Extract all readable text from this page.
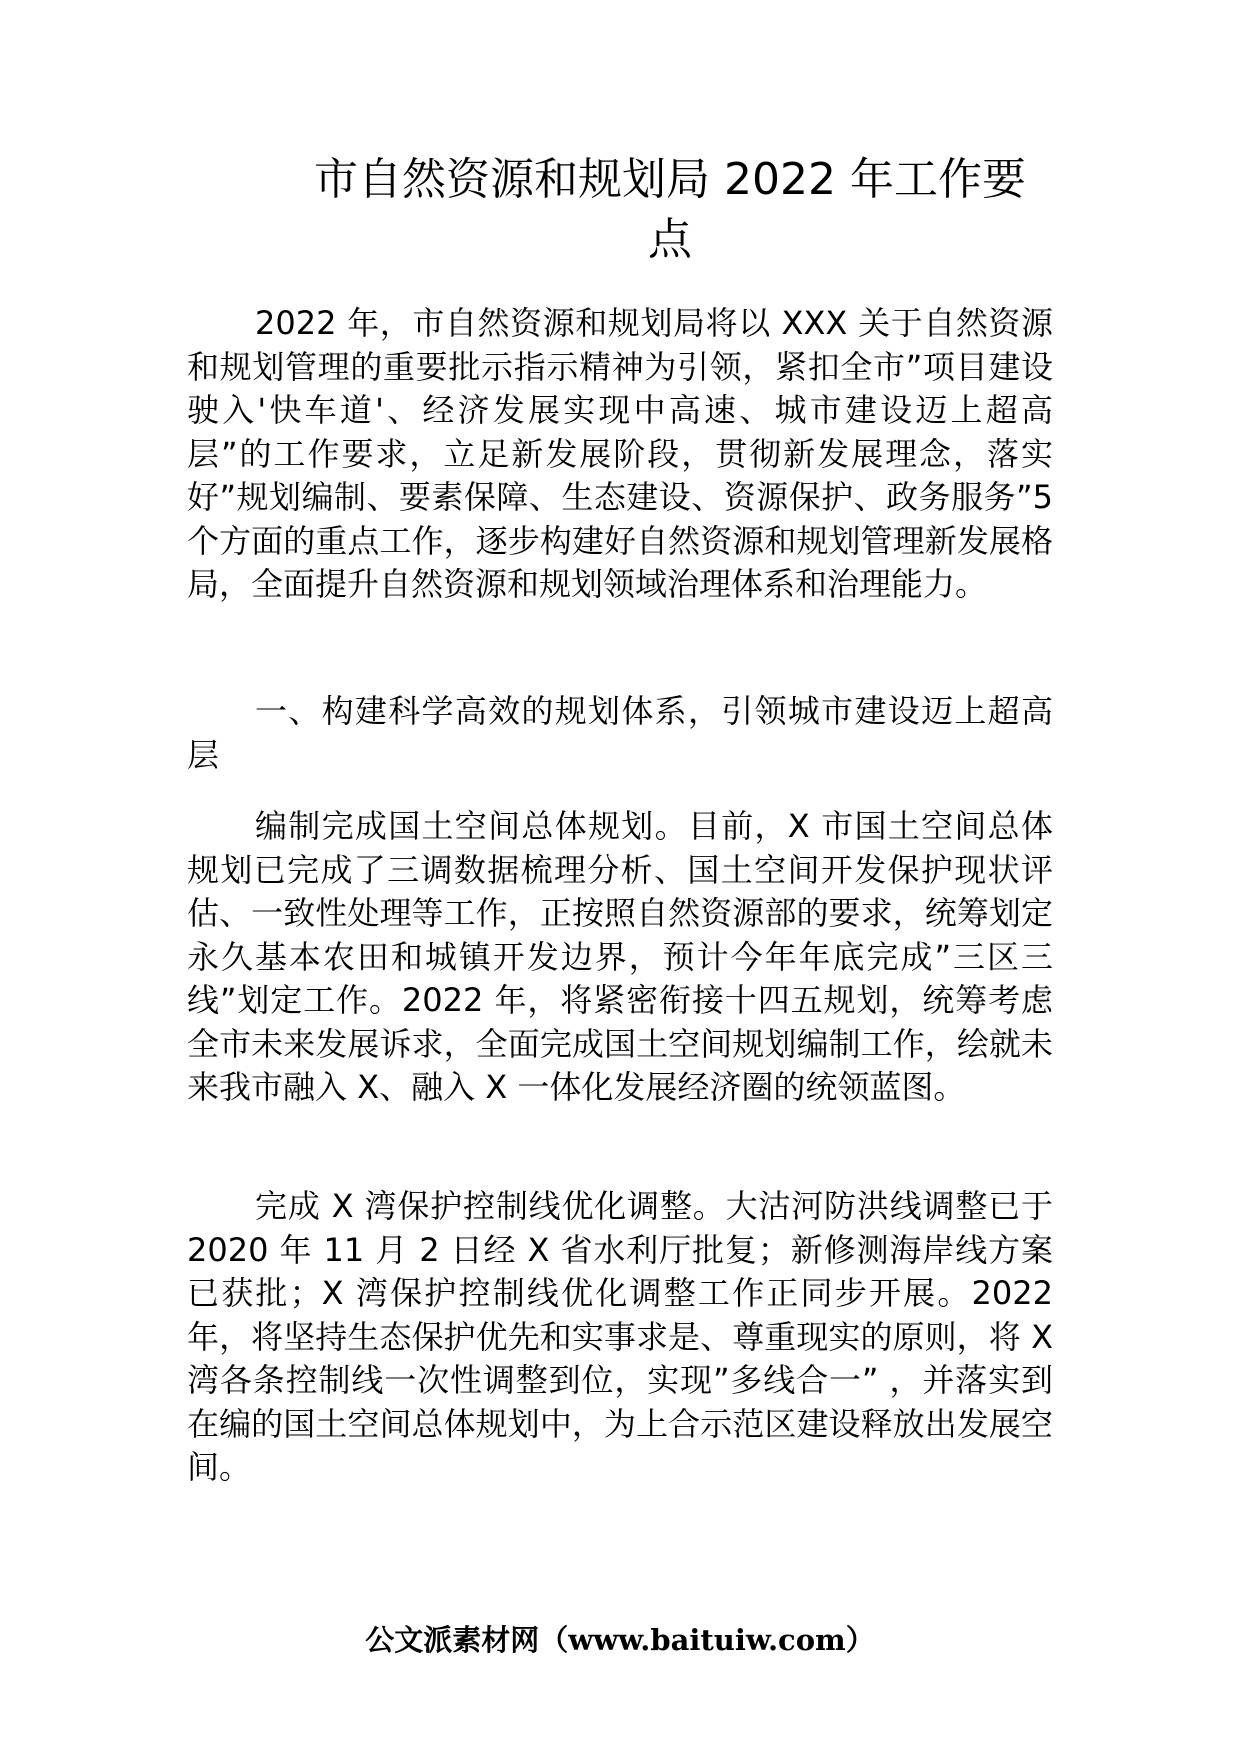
市自然资源和规划局 2022 年工作要点

2022 年，市自然资源和规划局将以 XXX 关于自然资源和规划管理的重要批示指示精神为引领，紧扣全市”项目建设驶入'快车道'、经济发展实现中高速、城市建设迈上超高层”的工作要求，立足新发展阶段，贯彻新发展理念，落实好”规划编制、要素保障、生态建设、资源保护、政务服务”5 个方面的重点工作，逐步构建好自然资源和规划管理新发展格局，全面提升自然资源和规划领域治理体系和治理能力。

一、构建科学高效的规划体系，引领城市建设迈上超高层

编制完成国土空间总体规划。目前，X 市国土空间总体规划已完成了三调数据梳理分析、国土空间开发保护现状评估、一致性处理等工作，正按照自然资源部的要求，统筹划定永久基本农田和城镇开发边界，预计今年年底完成”三区三线”划定工作。2022 年，将紧密衔接十四五规划，统筹考虑全市未来发展诉求，全面完成国土空间规划编制工作，绘就未来我市融入 X、融入 X 一体化发展经济圈的统领蓝图。

完成 X 湾保护控制线优化调整。大沽河防洪线调整已于 2020 年 11 月 2 日经 X 省水利厅批复；新修测海岸线方案已获批；X 湾保护控制线优化调整工作正同步开展。2022 年，将坚持生态保护优先和实事求是、尊重现实的原则，将 X 湾各条控制线一次性调整到位，实现”多线合一” ，并落实到在编的国土空间总体规划中，为上合示范区建设释放出发展空间。

公文派素材网（www.baituiw.com）
